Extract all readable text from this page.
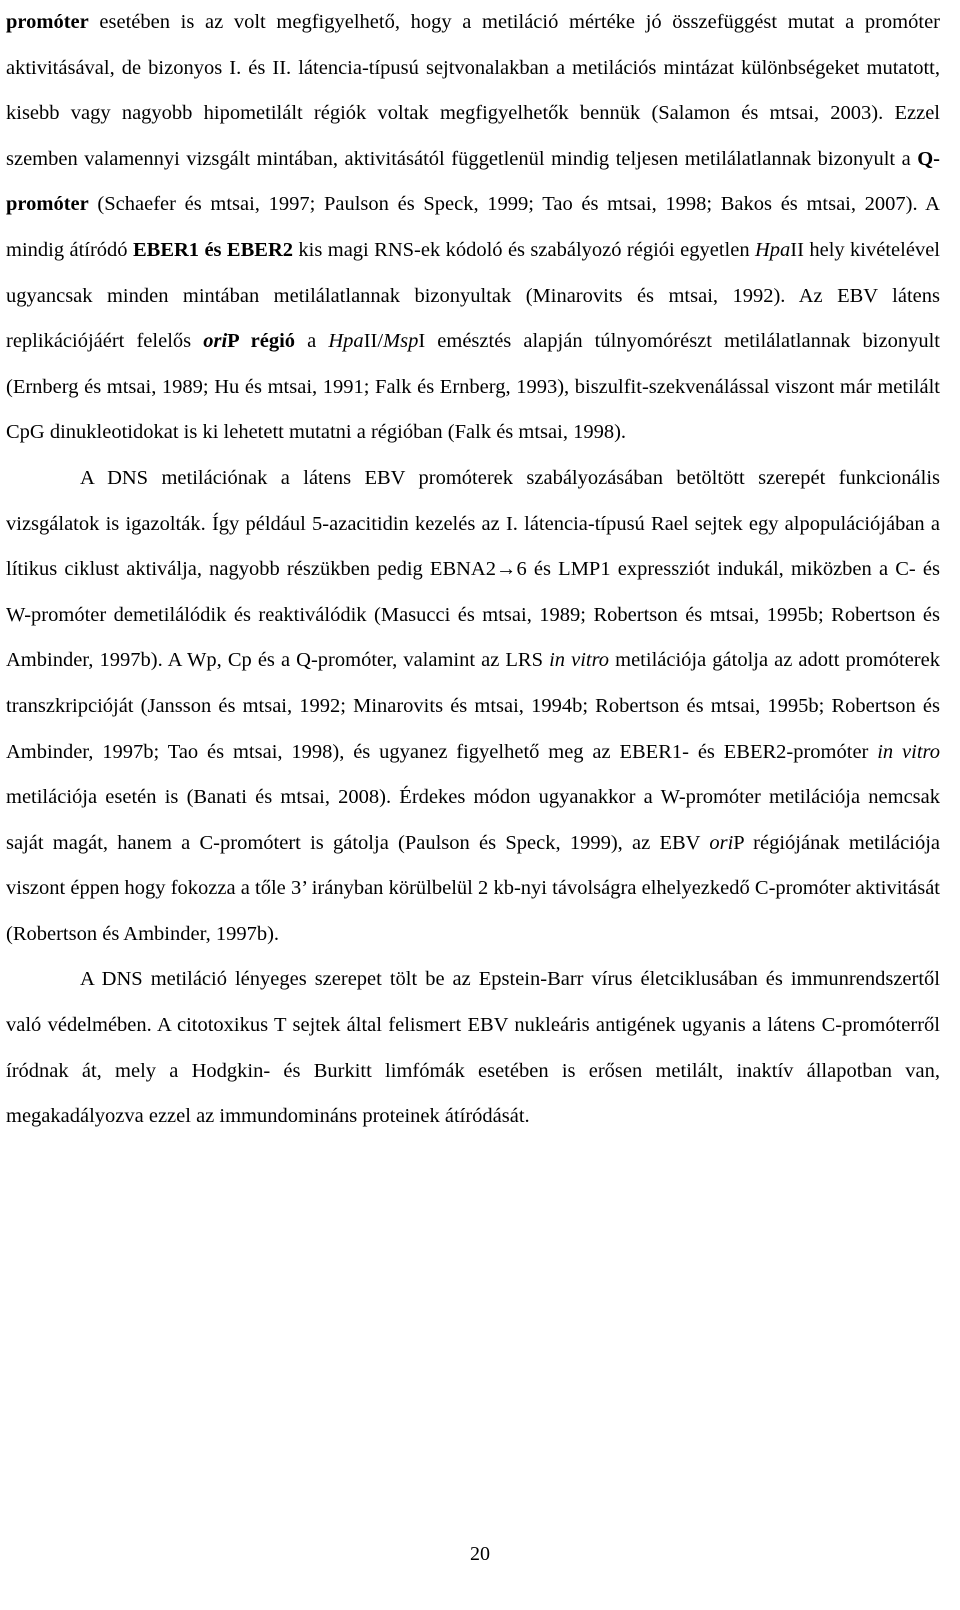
promóter esetében is az volt megfigyelhető, hogy a metiláció mértéke jó összefüggést mutat a promóter aktivitásával, de bizonyos I. és II. látencia-típusú sejtvonalakban a metilációs mintázat különbségeket mutatott, kisebb vagy nagyobb hipometilált régiók voltak megfigyelhetők bennük (Salamon és mtsai, 2003). Ezzel szemben valamennyi vizsgált mintában, aktivitásától függetlenül mindig teljesen metilálatlannak bizonyult a Q-promóter (Schaefer és mtsai, 1997; Paulson és Speck, 1999; Tao és mtsai, 1998; Bakos és mtsai, 2007). A mindig átíródó EBER1 és EBER2 kis magi RNS-ek kódoló és szabályozó régiói egyetlen HpaII hely kivételével ugyancsak minden mintában metilálatlannak bizonyultak (Minarovits és mtsai, 1992). Az EBV látens replikációjáért felelős oriP régió a HpaII/MspI emésztés alapján túlnyomórészt metilálatlannak bizonyult (Ernberg és mtsai, 1989; Hu és mtsai, 1991; Falk és Ernberg, 1993), biszulfit-szekvenálással viszont már metilált CpG dinukleotidokat is ki lehetett mutatni a régióban (Falk és mtsai, 1998).

A DNS metilációnak a látens EBV promóterek szabályozásában betöltött szerepét funkcionális vizsgálatok is igazolták. Így például 5-azacitidin kezelés az I. látencia-típusú Rael sejtek egy alpopulációjában a lítikus ciklust aktiválja, nagyobb részükben pedig EBNA2→6 és LMP1 expressziót indukál, miközben a C- és W-promóter demetilálódik és reaktiválódik (Masucci és mtsai, 1989; Robertson és mtsai, 1995b; Robertson és Ambinder, 1997b). A Wp, Cp és a Q-promóter, valamint az LRS in vitro metilációja gátolja az adott promóterek transzkripcióját (Jansson és mtsai, 1992; Minarovits és mtsai, 1994b; Robertson és mtsai, 1995b; Robertson és Ambinder, 1997b; Tao és mtsai, 1998), és ugyanez figyelhető meg az EBER1- és EBER2-promóter in vitro metilációja esetén is (Banati és mtsai, 2008). Érdekes módon ugyanakkor a W-promóter metilációja nemcsak saját magát, hanem a C-promótert is gátolja (Paulson és Speck, 1999), az EBV oriP régiójának metilációja viszont éppen hogy fokozza a tőle 3’ irányban körülbelül 2 kb-nyi távolságra elhelyezkedő C-promóter aktivitását (Robertson és Ambinder, 1997b).

A DNS metiláció lényeges szerepet tölt be az Epstein-Barr vírus életciklusában és immunrendszertől való védelmében. A citotoxikus T sejtek által felismert EBV nukleáris antigének ugyanis a látens C-promóterről íródnak át, mely a Hodgkin- és Burkitt limfómák esetében is erősen metilált, inaktív állapotban van, megakadályozva ezzel az immundomináns proteinek átíródását.

20
